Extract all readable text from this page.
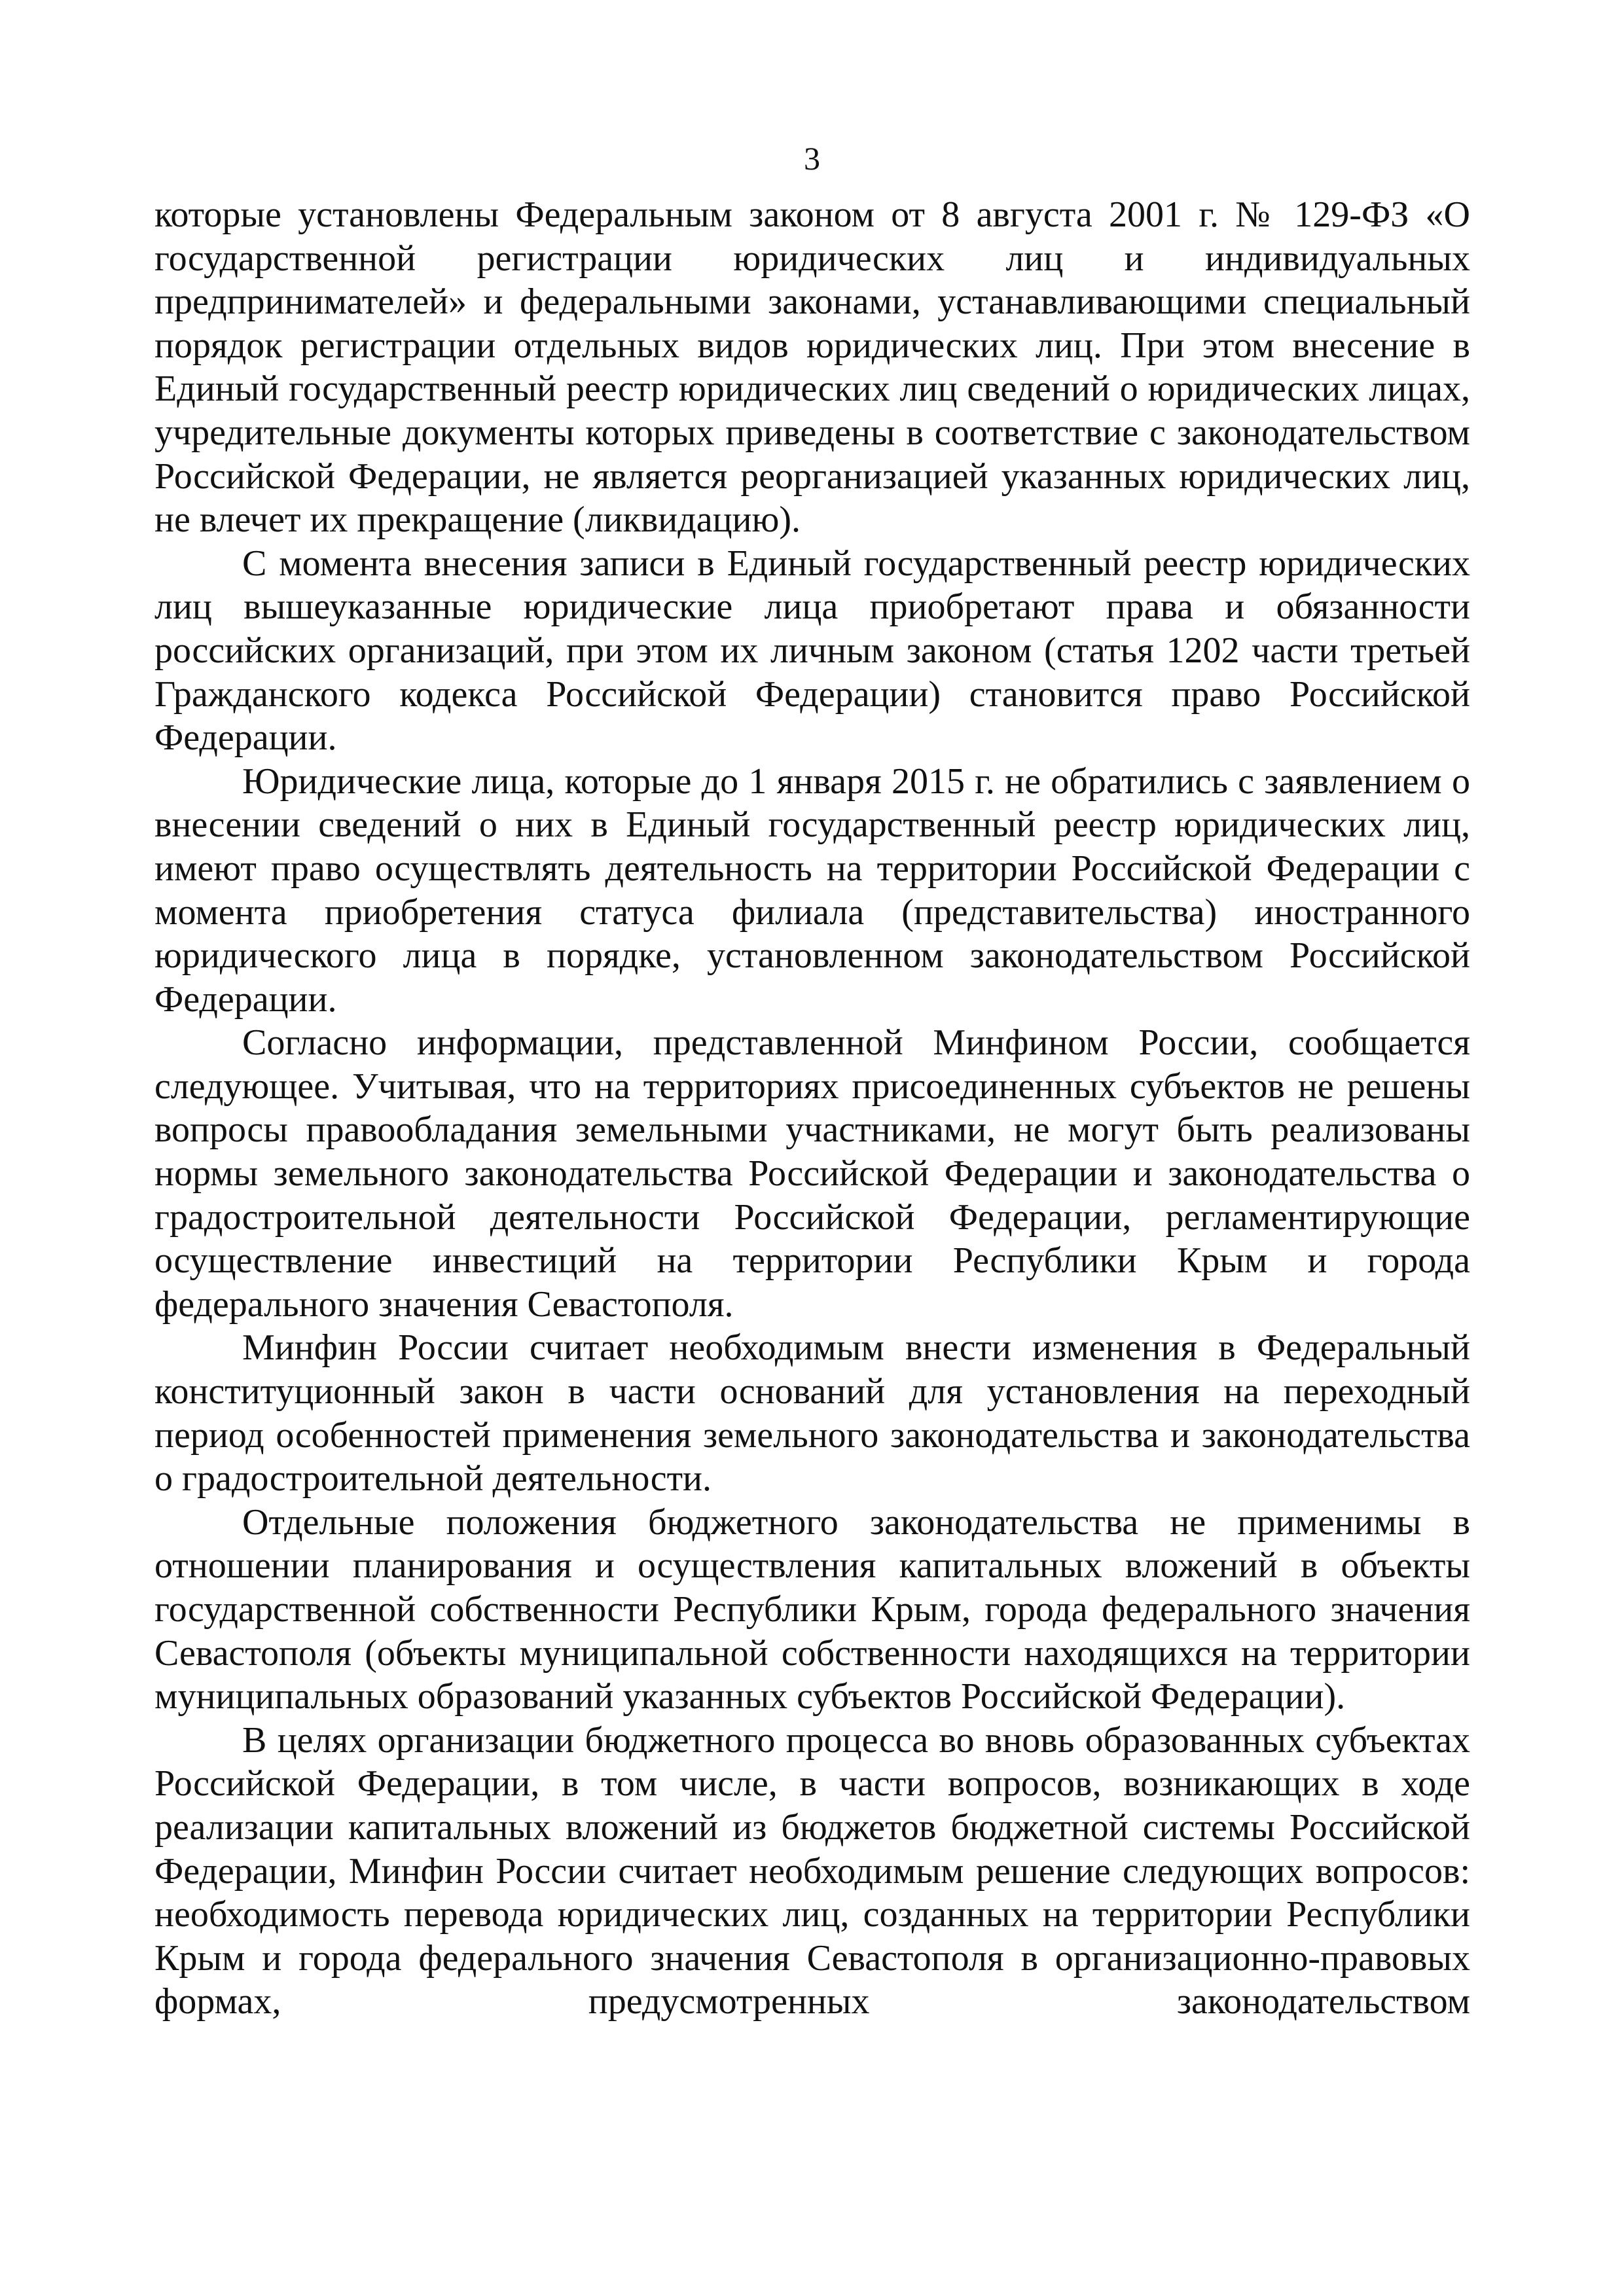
3

которые установлены Федеральным законом от 8 августа 2001 г. № 129-ФЗ «О государственной регистрации юридических лиц и индивидуальных предпринимателей» и федеральными законами, устанавливающими специальный порядок регистрации отдельных видов юридических лиц. При этом внесение в Единый государственный реестр юридических лиц сведений о юридических лицах, учредительные документы которых приведены в соответствие с законодательством Российской Федерации, не является реорганизацией указанных юридических лиц, не влечет их прекращение (ликвидацию).

С момента внесения записи в Единый государственный реестр юридических лиц вышеуказанные юридические лица приобретают права и обязанности российских организаций, при этом их личным законом (статья 1202 части третьей Гражданского кодекса Российской Федерации) становится право Российской Федерации.

Юридические лица, которые до 1 января 2015 г. не обратились с заявлением о внесении сведений о них в Единый государственный реестр юридических лиц, имеют право осуществлять деятельность на территории Российской Федерации с момента приобретения статуса филиала (представительства) иностранного юридического лица в порядке, установленном законодательством Российской Федерации.

Согласно информации, представленной Минфином России, сообщается следующее. Учитывая, что на территориях присоединенных субъектов не решены вопросы правообладания земельными участниками, не могут быть реализованы нормы земельного законодательства Российской Федерации и законодательства о градостроительной деятельности Российской Федерации, регламентирующие осуществление инвестиций на территории Республики Крым и города федерального значения Севастополя.

Минфин России считает необходимым внести изменения в Федеральный конституционный закон в части оснований для установления на переходный период особенностей применения земельного законодательства и законодательства о градостроительной деятельности.

Отдельные положения бюджетного законодательства не применимы в отношении планирования и осуществления капитальных вложений в объекты государственной собственности Республики Крым, города федерального значения Севастополя (объекты муниципальной собственности находящихся на территории муниципальных образований указанных субъектов Российской Федерации).

В целях организации бюджетного процесса во вновь образованных субъектах Российской Федерации, в том числе, в части вопросов, возникающих в ходе реализации капитальных вложений из бюджетов бюджетной системы Российской Федерации, Минфин России считает необходимым решение следующих вопросов: необходимость перевода юридических лиц, созданных на территории Республики Крым и города федерального значения Севастополя в организационно-правовых формах, предусмотренных законодательством
